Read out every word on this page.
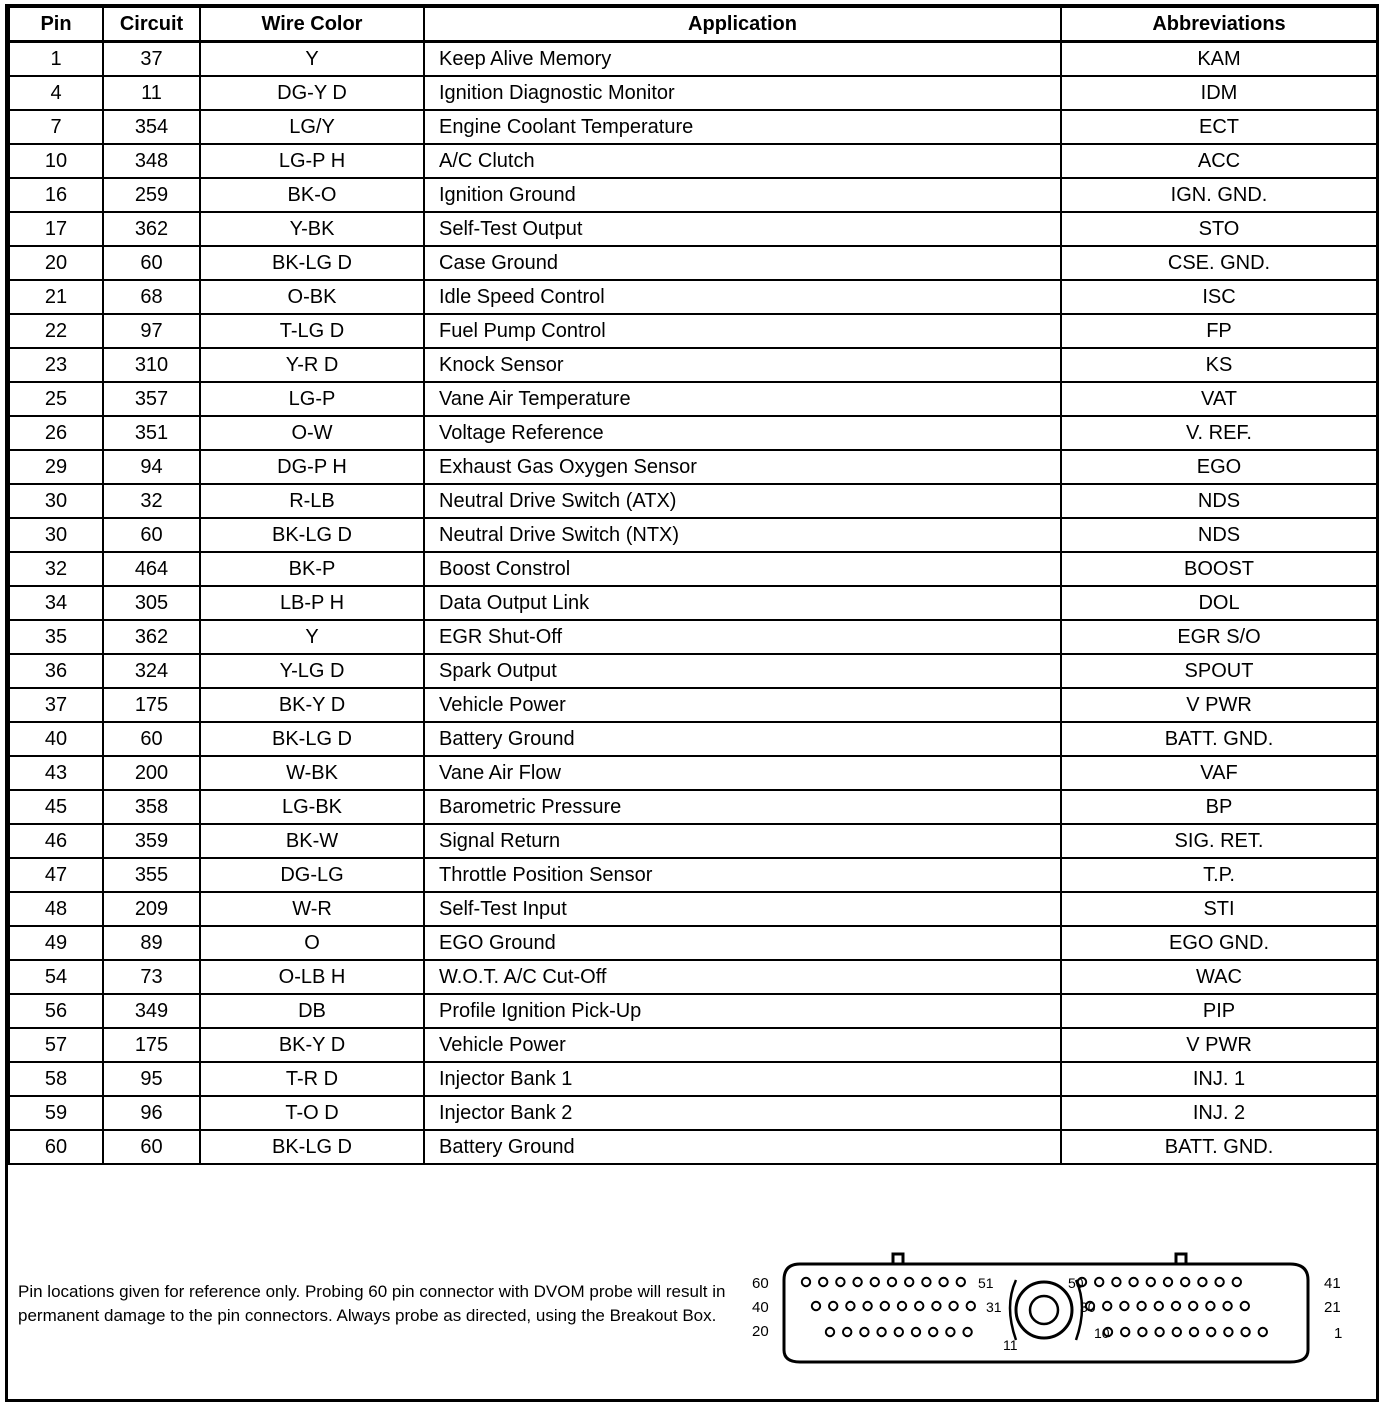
Pin	Circuit	Wire Color	Application	Abbreviations
1	37	Y	Keep Alive Memory	KAM
4	11	DG-Y D	Ignition Diagnostic Monitor	IDM
7	354	LG/Y	Engine Coolant Temperature	ECT
10	348	LG-P H	A/C Clutch	ACC
16	259	BK-O	Ignition Ground	IGN. GND.
17	362	Y-BK	Self-Test Output	STO
20	60	BK-LG D	Case Ground	CSE. GND.
21	68	O-BK	Idle Speed Control	ISC
22	97	T-LG D	Fuel Pump Control	FP
23	310	Y-R D	Knock Sensor	KS
25	357	LG-P	Vane Air Temperature	VAT
26	351	O-W	Voltage Reference	V. REF.
29	94	DG-P H	Exhaust Gas Oxygen Sensor	EGO
30	32	R-LB	Neutral Drive Switch (ATX)	NDS
30	60	BK-LG D	Neutral Drive Switch (NTX)	NDS
32	464	BK-P	Boost Constrol	BOOST
34	305	LB-P H	Data Output Link	DOL
35	362	Y	EGR Shut-Off	EGR S/O
36	324	Y-LG D	Spark Output	SPOUT
37	175	BK-Y D	Vehicle Power	V PWR
40	60	BK-LG D	Battery Ground	BATT. GND.
43	200	W-BK	Vane Air Flow	VAF
45	358	LG-BK	Barometric Pressure	BP
46	359	BK-W	Signal Return	SIG. RET.
47	355	DG-LG	Throttle Position Sensor	T.P.
48	209	W-R	Self-Test Input	STI
49	89	O	EGO Ground	EGO GND.
54	73	O-LB H	W.O.T. A/C Cut-Off	WAC
56	349	DB	Profile Ignition Pick-Up	PIP
57	175	BK-Y D	Vehicle Power	V PWR
58	95	T-R D	Injector Bank 1	INJ. 1
59	96	T-O D	Injector Bank 2	INJ. 2
60	60	BK-LG D	Battery Ground	BATT. GND.
Pin locations given for reference only. Probing 60 pin connector with DVOM probe will result in permanent damage to the pin connectors. Always probe as directed, using the Breakout Box.
60
40
20
41
21
1
51
31
11
50
30
10
